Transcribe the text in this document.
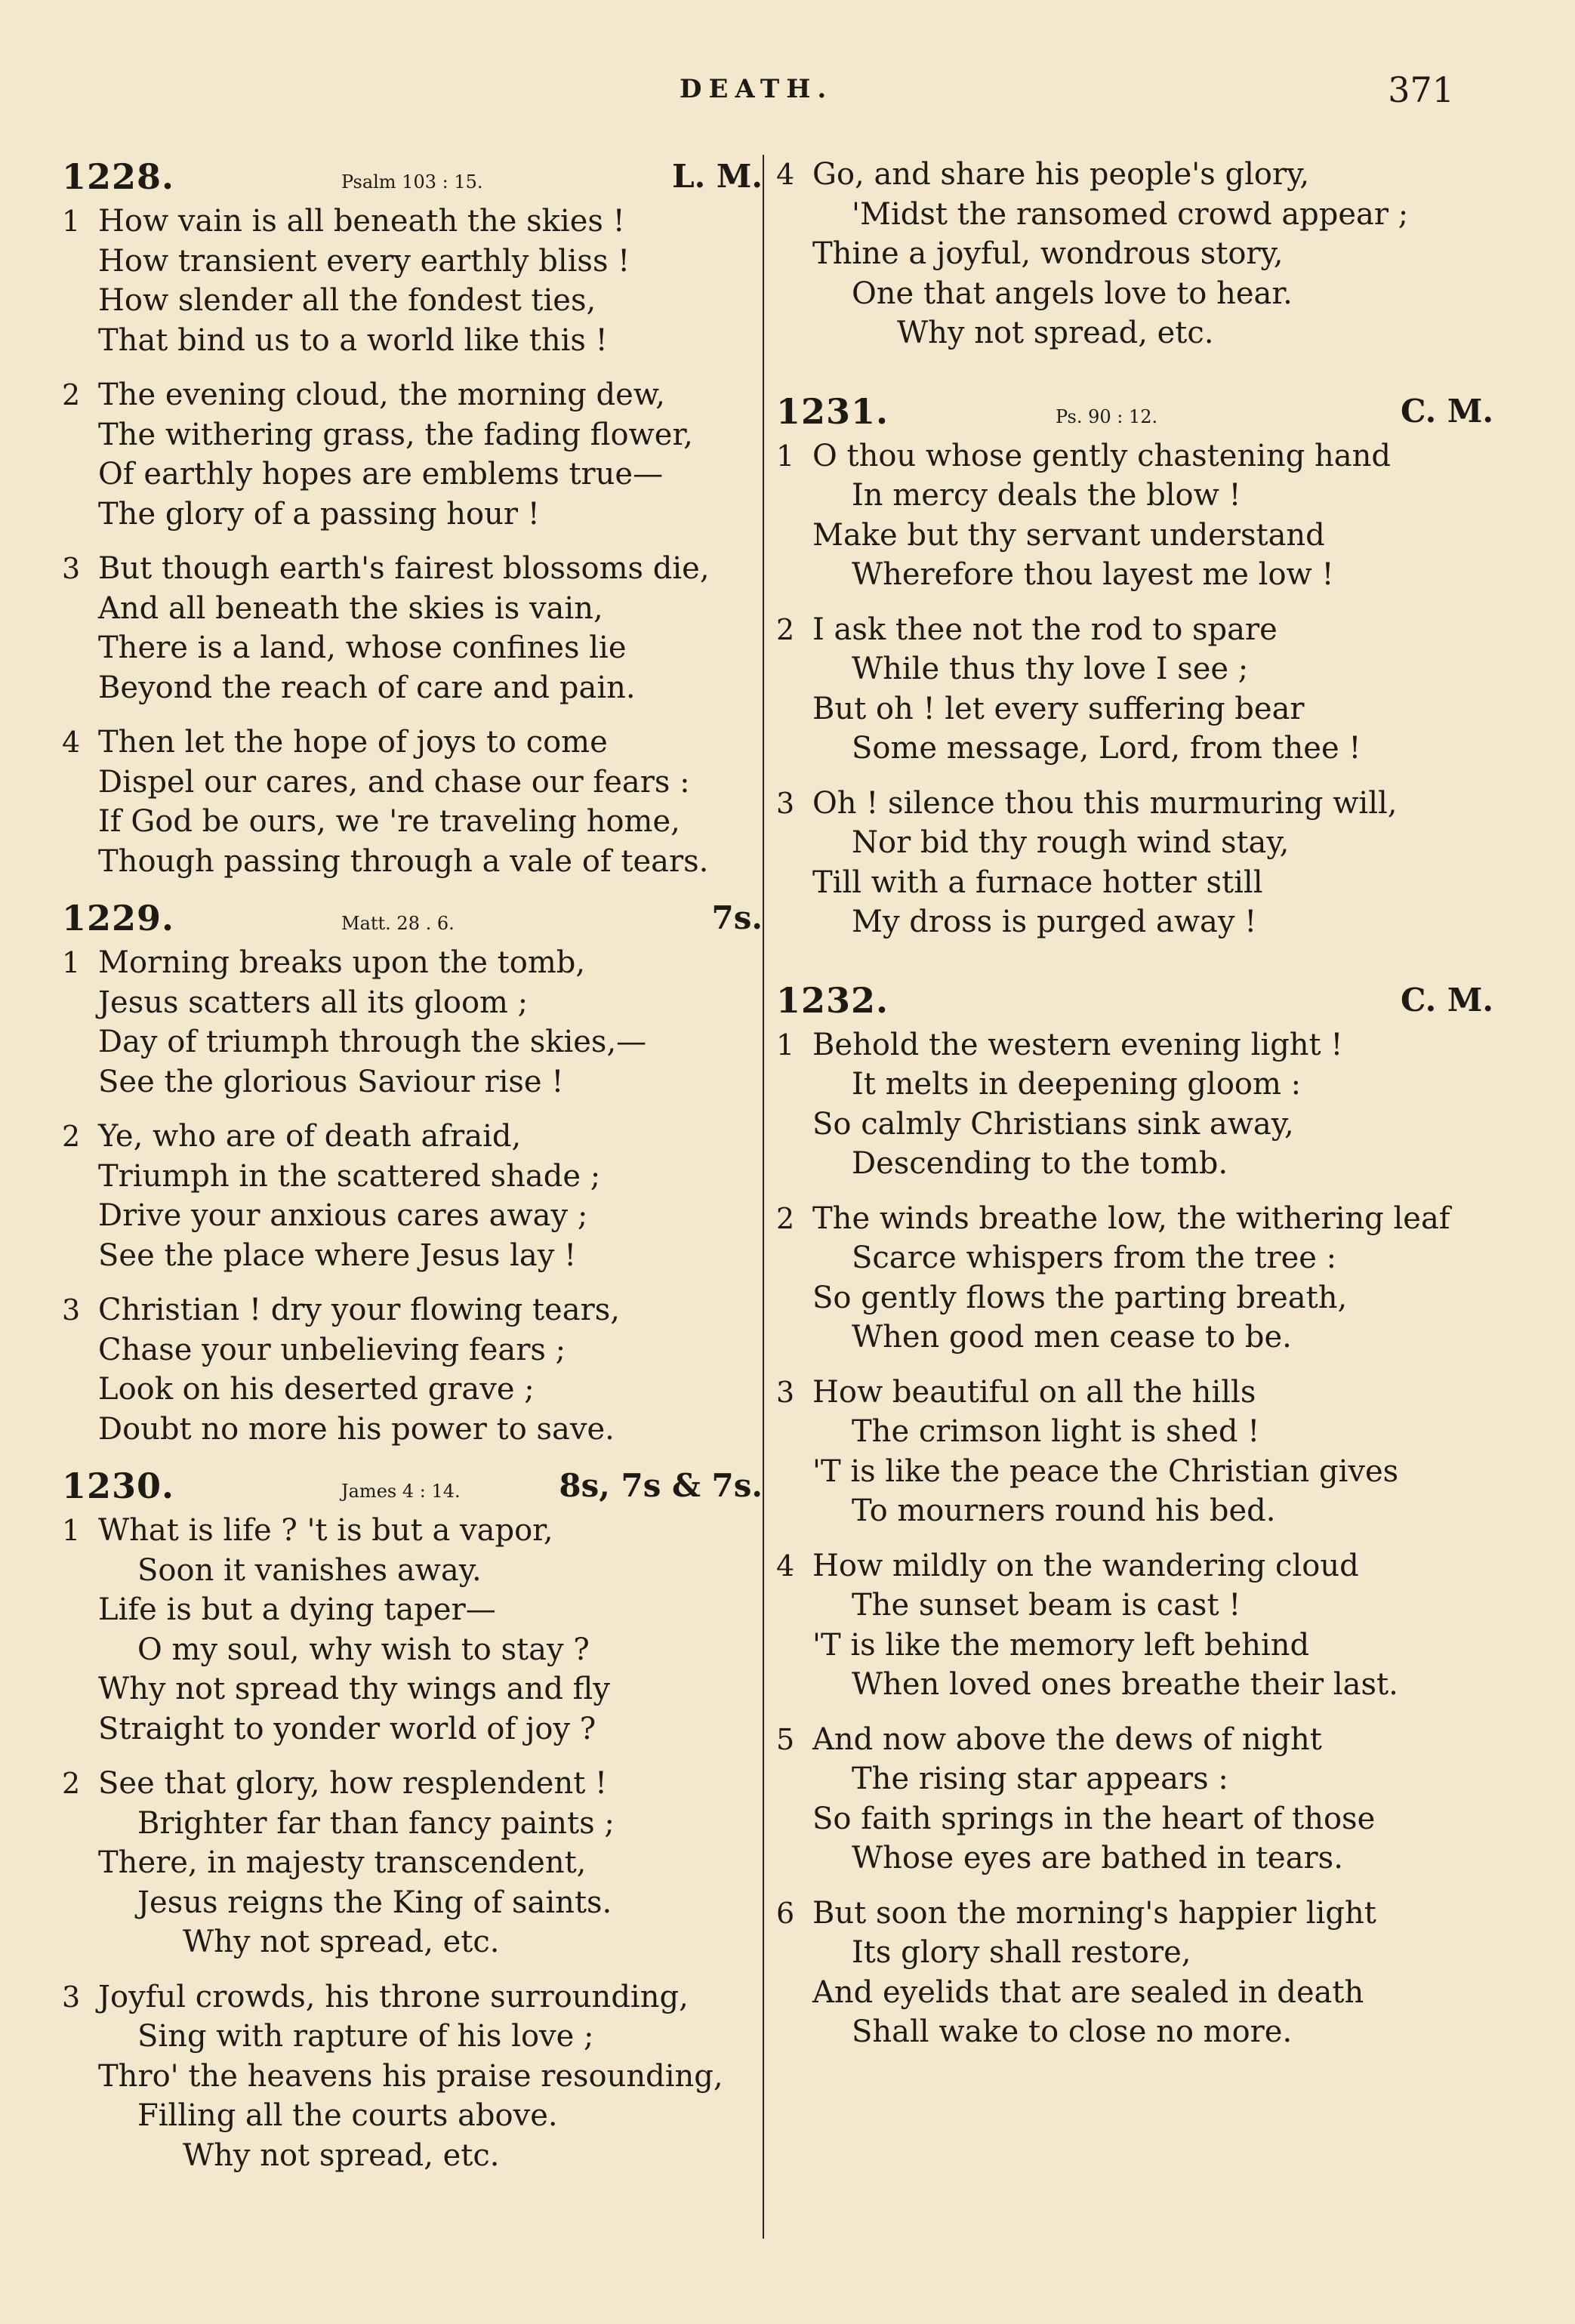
DEATH.	371
1228.	Psalm 103 : 15.	L. M.
1 How vain is all beneath the skies !
How transient every earthly bliss !
How slender all the fondest ties,
That bind us to a world like this !
2 The evening cloud, the morning dew,
The withering grass, the fading flower,
Of earthly hopes are emblems true—
The glory of a passing hour !
3 But though earth's fairest blossoms die,
And all beneath the skies is vain,
There is a land, whose confines lie
Beyond the reach of care and pain.
4 Then let the hope of joys to come
Dispel our cares, and chase our fears :
If God be ours, we 're traveling home,
Though passing through a vale of tears.
1229.	Matt. 28 . 6.	7s.
1 Morning breaks upon the tomb,
Jesus scatters all its gloom ;
Day of triumph through the skies,—
See the glorious Saviour rise !
2 Ye, who are of death afraid,
Triumph in the scattered shade ;
Drive your anxious cares away ;
See the place where Jesus lay !
3 Christian ! dry your flowing tears,
Chase your unbelieving fears ;
Look on his deserted grave ;
Doubt no more his power to save.
1230.	James 4 : 14.	8s, 7s & 7s.
1 What is life ? 't is but a vapor,
Soon it vanishes away.
Life is but a dying taper—
O my soul, why wish to stay ?
Why not spread thy wings and fly
Straight to yonder world of joy ?
2 See that glory, how resplendent !
Brighter far than fancy paints ;
There, in majesty transcendent,
Jesus reigns the King of saints.
Why not spread, etc.
3 Joyful crowds, his throne surrounding,
Sing with rapture of his love ;
Thro' the heavens his praise resounding,
Filling all the courts above.
Why not spread, etc.
4 Go, and share his people's glory,
'Midst the ransomed crowd appear ;
Thine a joyful, wondrous story,
One that angels love to hear.
Why not spread, etc.
1231.	Ps. 90 : 12.	C. M.
1 O thou whose gently chastening hand
In mercy deals the blow !
Make but thy servant understand
Wherefore thou layest me low !
2 I ask thee not the rod to spare
While thus thy love I see ;
But oh ! let every suffering bear
Some message, Lord, from thee !
3 Oh ! silence thou this murmuring will,
Nor bid thy rough wind stay,
Till with a furnace hotter still
My dross is purged away !
1232.	C. M.
1 Behold the western evening light !
It melts in deepening gloom :
So calmly Christians sink away,
Descending to the tomb.
2 The winds breathe low, the withering leaf
Scarce whispers from the tree :
So gently flows the parting breath,
When good men cease to be.
3 How beautiful on all the hills
The crimson light is shed !
'T is like the peace the Christian gives
To mourners round his bed.
4 How mildly on the wandering cloud
The sunset beam is cast !
'T is like the memory left behind
When loved ones breathe their last.
5 And now above the dews of night
The rising star appears :
So faith springs in the heart of those
Whose eyes are bathed in tears.
6 But soon the morning's happier light
Its glory shall restore,
And eyelids that are sealed in death
Shall wake to close no more.
